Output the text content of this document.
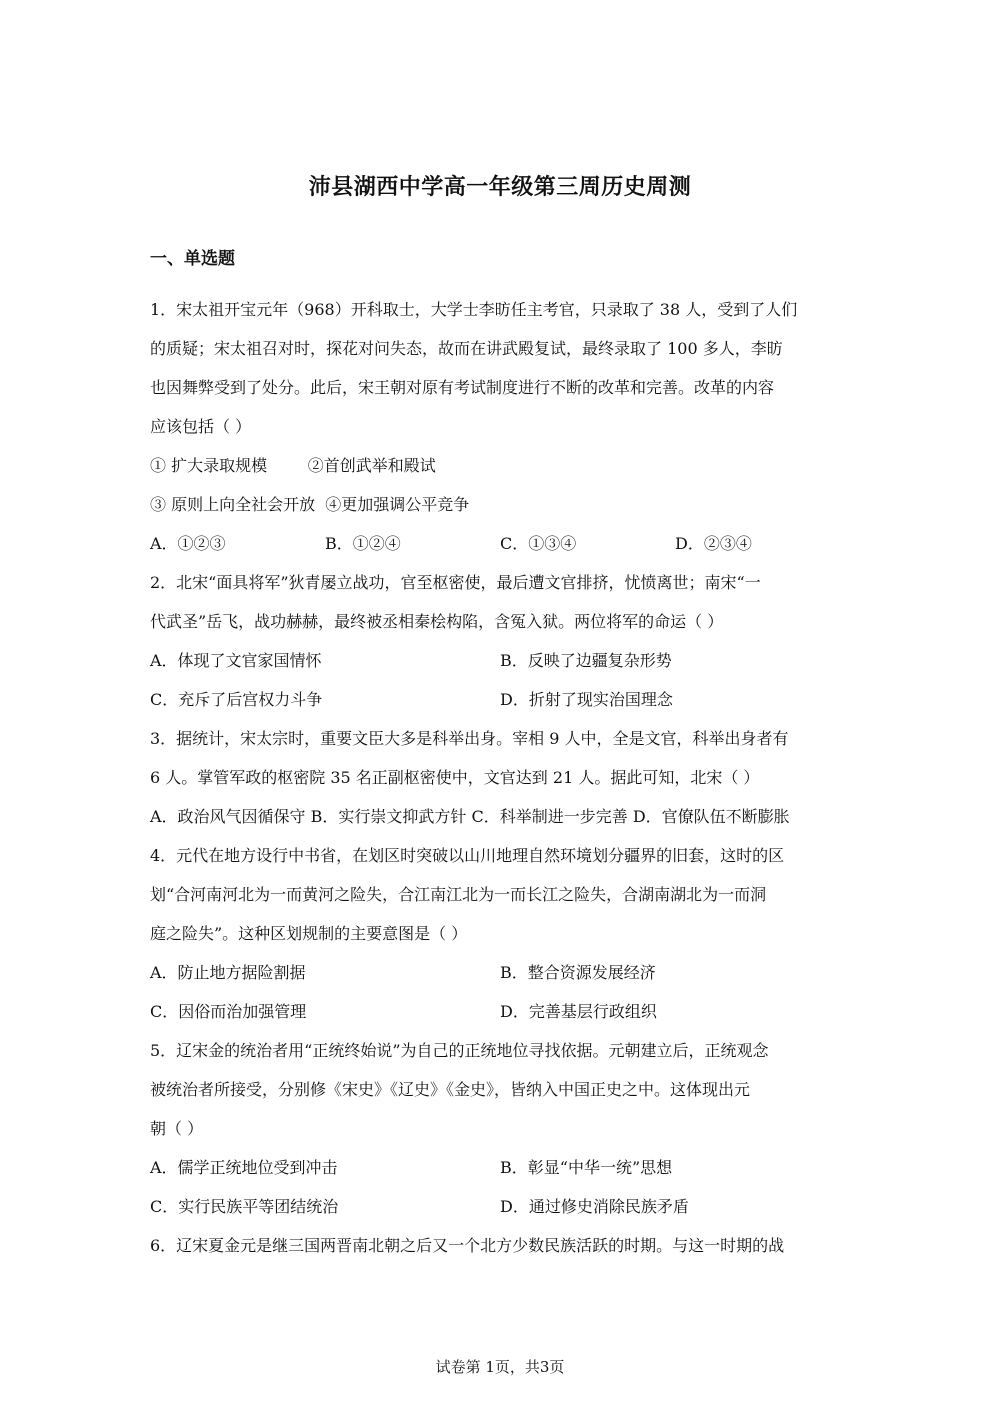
沛县湖西中学高一年级第三周历史周测
一、单选题

1．宋太祖开宝元年（968）开科取士，大学士李昉任主考官，只录取了 38 人，受到了人们

的质疑；宋太祖召对时，探花对问失态，故而在讲武殿复试，最终录取了 100 多人，李昉

也因舞弊受到了处分。此后，宋王朝对原有考试制度进行不断的改革和完善。改革的内容

应该包括（ ）

① 扩大录取规模        ②首创武举和殿试

③ 原则上向全社会开放  ④更加强调公平竞争

A．①②③	B．①②④	C．①③④	D．②③④

2．北宋“面具将军”狄青屡立战功，官至枢密使，最后遭文官排挤，忧愤离世；南宋“一

代武圣”岳飞，战功赫赫，最终被丞相秦桧构陷，含冤入狱。两位将军的命运（ ）

A．体现了文官家国情怀	B．反映了边疆复杂形势
C．充斥了后宫权力斗争	D．折射了现实治国理念

3．据统计，宋太宗时，重要文臣大多是科举出身。宰相 9 人中，全是文官，科举出身者有

6 人。掌管军政的枢密院 35 名正副枢密使中，文官达到 21 人。据此可知，北宋（ ）

A．政治风气因循保守 B．实行崇文抑武方针 C．科举制进一步完善 D．官僚队伍不断膨胀

4．元代在地方设行中书省，在划区时突破以山川地理自然环境划分疆界的旧套，这时的区

划“合河南河北为一而黄河之险失，合江南江北为一而长江之险失，合湖南湖北为一而洞

庭之险失”。这种区划规制的主要意图是（ ）

A．防止地方据险割据	B．整合资源发展经济
C．因俗而治加强管理	D．完善基层行政组织

5．辽宋金的统治者用“正统终始说”为自己的正统地位寻找依据。元朝建立后，正统观念

被统治者所接受，分别修《宋史》《辽史》《金史》，皆纳入中国正史之中。这体现出元

朝（ ）

A．儒学正统地位受到冲击	B．彰显“中华一统”思想
C．实行民族平等团结统治	D．通过修史消除民族矛盾

6．辽宋夏金元是继三国两晋南北朝之后又一个北方少数民族活跃的时期。与这一时期的战

试卷第 1页，共3页
